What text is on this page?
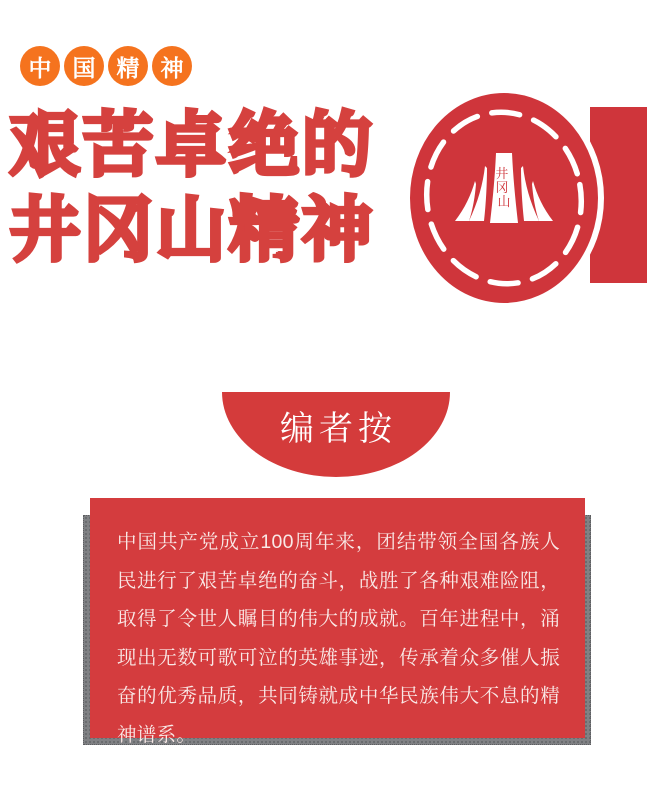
中 国 精 神
艰苦卓绝的
井冈山精神
井 冈 山
编者按

中国共产党成立100周年来，团结带领全国各族人民进行了艰苦卓绝的奋斗，战胜了各种艰难险阻，取得了令世人瞩目的伟大的成就。百年进程中，涌现出无数可歌可泣的英雄事迹，传承着众多催人振奋的优秀品质，共同铸就成中华民族伟大不息的精神谱系。
